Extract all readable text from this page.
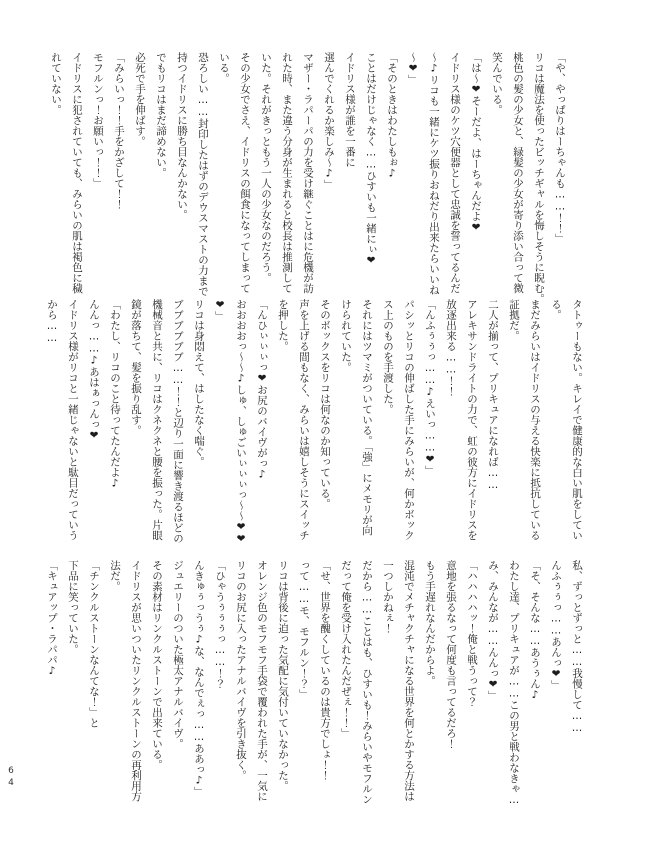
「や、やっぱりはーちゃんも……！！」

リコは魔法を使ったビッチギャルを悔しそうに睨む。

桃色の髪の少女と、緑髪の少女が寄り添い合って微

笑んでいる。

「は〜❤そーだよ、はーちゃんだよ❤

イドリス様のケツ穴便器として忠誠を誓ってるんだ

〜♪リコも一緒にケツ振りおねだり出来たらいいね

〜❤」

「そのときはわたしもぉ♪

ことはだけじゃなく……ひすいも一緒にぃ❤

イドリス様が誰を一番に

選んでくれるか楽しみ〜♪」

マザー・ラパーパの力を受け継ぐことはに危機が訪

れた時、また違う分身が生まれると校長は推測して

いた。それがきっともう一人の少女なのだろう。

その少女でさえ、イドリスの餌食になってしまって

いる。

恐ろしい……封印したはずのデウスマストの力まで

持つイドリスに勝ち目なんかない。

でもリコはまだ諦めない。

必死で手を伸ばす。

「みらいっ！！手をかざして！！

モフルンっ！お願いっ！！」

イドリスに犯されていても、みらいの肌は褐色に穢

れていない。

タトゥーもない。キレイで健康的な白い肌をしてい

る。

まだみらいはイドリスの与える快楽に抵抗している

証拠だ。

二人が揃って、プリキュアになれば……

アレキサンドライトの力で、虹の彼方にイドリスを

放逐出来る……！！

「んふぅぅっ……♪えいっ……❤」

パシッとリコの伸ばした手にみらいが、何かボック

ス上のものを手渡した。

それにはツマミがついている。「強」にメモリが向

けられていた。

そのボックスをリコは何なのか知っている。

声を上げる間もなく、みらいは嬉しそうにスイッチ

を押した。

「んひぃぃぃっ❤お尻のバイヴがっ♪

おおおおっ〜〜♪しゅ、しゅごいぃぃぃっ〜〜❤❤

❤」

リコは身悶えて、はしたなく喘ぐ。

ブブブブブブ……！！と辺り一面に響き渡るほどの

機械音と共に、リコはクネクネと腰を振った。片眼

鏡が落ちて、髪を振り乱す。

「わたし、リコのこと待ってたんだよ♪

んんっ……♪あはぁっんっ❤

イドリス様がリコと一緒じゃないと駄目だっていう

から……

私、ずっとずっと……我慢して……

んふぅぅっ……あんっ❤」

「そ、そんな……あうぅん♪

わたし達、プリキュアが……この男と戦わなきゃ…

み、みんなが……んんっ❤」

「ハハハハッ！俺と戦うって？

意地を張るなって何度も言ってるだろ！

もう手遅れなんだからよ。

混沌でメチャクチャになる世界を何とかする方法は

一つしかねぇ！

だから……ことはも、ひすいも！みらいやモフルン

だって俺を受け入れたんだぜぇ！！」

「せ、世界を醜くしているのは貴方でしょ！！

って……モ、モフルン！？」

リコは背後に迫った気配に気付いていなかった。

オレンジ色のモフモフ手袋で覆われた手が、一気に

リコのお尻に入ったアナルバイヴを引き抜く。

「ひゃうぅぅぅっ……！？

んきゅぅっうぅ♪な、なんでぇっ……ああっ♪」

ジュエリーのついた極太アナルバイヴ。

その素材はリンクルストーンで出来ている。

イドリスが思いついたリンクルストーンの再利用方

法だ。

「チンクルストーンなんてな！」と

下品に笑っていた。

「キュアップ・ラパパ♪

64
